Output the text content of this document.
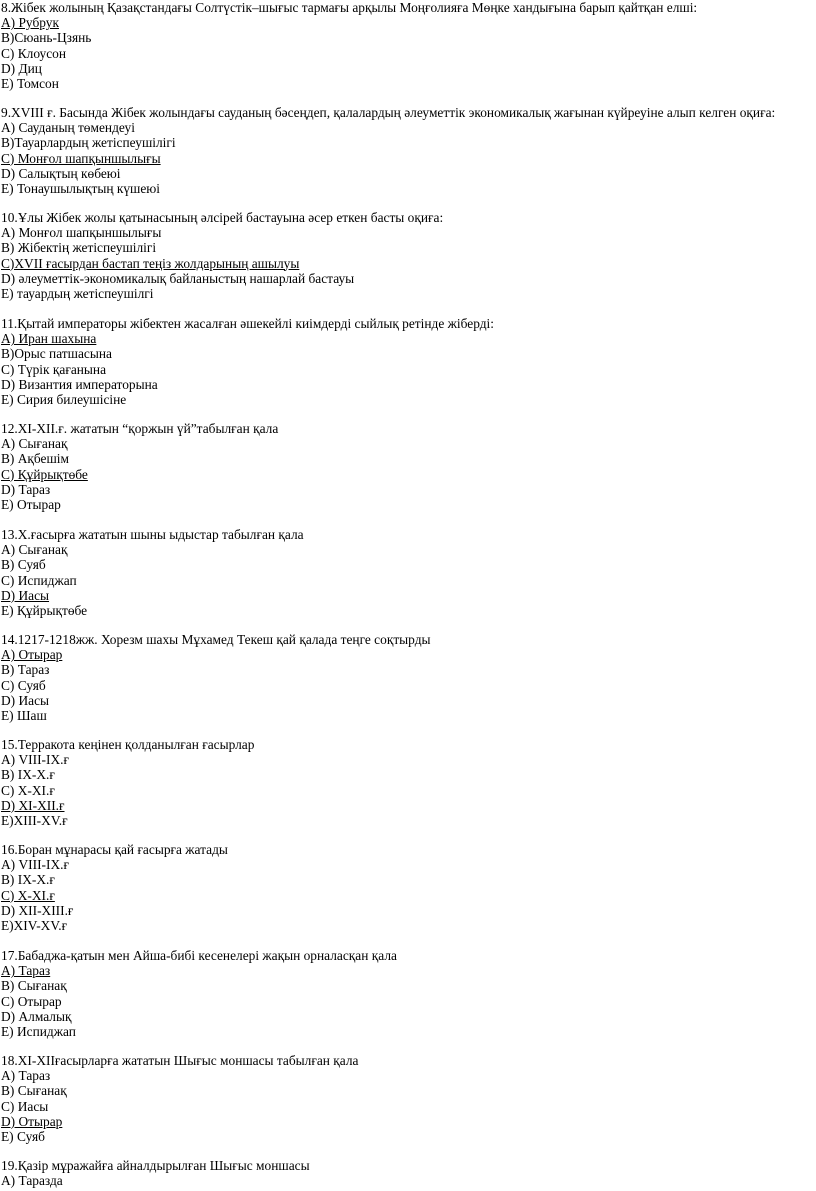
8.Жібек жолының Қазақстандағы Солтүстік–шығыс тармағы арқылы Моңғолияға Мөңке хандығына барып қайтқан елші:
А) Рубрук
В)Сюань-Цзянь
С) Клоусон
D) Диц
Е) Томсон
9.XVIII ғ. Басында Жібек жолындағы сауданың бәсеңдеп, қалалардың әлеуметтік экономикалық жағынан күйреуіне алып келген оқиға:
А) Сауданың төмендеуі
В)Тауарлардың жетіспеушілігі
С) Монғол шапқыншылығы
D) Салықтың көбеюі
Е) Тонаушылықтың күшеюі
10.Ұлы Жібек жолы қатынасының әлсірей бастауына әсер еткен басты оқиға:
А) Монғол шапқыншылығы
В) Жібектің жетіспеушілігі
С)XVII ғасырдан бастап теңіз жолдарының ашылуы
D) әлеуметтік-экономикалық байланыстың нашарлай бастауы
Е) тауардың жетіспеушілгі
11.Қытай императоры жібектен жасалған әшекейлі киімдерді сыйлық ретінде жіберді:
А) Иран шахына
В)Орыс патшасына
С) Түрік қағанына
D) Византия императорына
Е) Сирия билеушісіне
12.ХІ-ХІІ.ғ. жататын “қоржын үй”табылған қала
А) Сығанақ
В) Ақбешім
С) Құйрықтөбе
D) Тараз
Е) Отырар
13.Х.ғасырға жататын шыны ыдыстар табылған қала
А) Сығанақ
В) Суяб
С) Испиджап
D) Иасы
Е) Құйрықтөбе
14.1217-1218жж. Хорезм шахы Мұхамед Текеш қай қалада теңге соқтырды
А) Отырар
В) Тараз
С) Суяб
D) Иасы
Е) Шаш
15.Терракота кеңінен қолданылған ғасырлар
А) VIII-IX.ғ
В) IX-Х.ғ
С) Х-ХІ.ғ
D) XI-XII.ғ
Е)XIII-XV.ғ
16.Боран мұнарасы қай ғасырға жатады
А) VIII-IX.ғ
В) IX-Х.ғ
С) Х-ХІ.ғ
D) XII-XIII.ғ
Е)XIV-XV.ғ
17.Бабаджа-қатын мен Айша-бибі кесенелері жақын орналасқан қала
А) Тараз
В) Сығанақ
С) Отырар
D) Алмалық
Е) Испиджап
18.ХІ-ХІІғасырларға жататын Шығыс моншасы табылған қала
А) Тараз
В) Сығанақ
С) Иасы
D) Отырар
Е) Суяб
19.Қазір мұражайға айналдырылған Шығыс моншасы
А) Таразда
